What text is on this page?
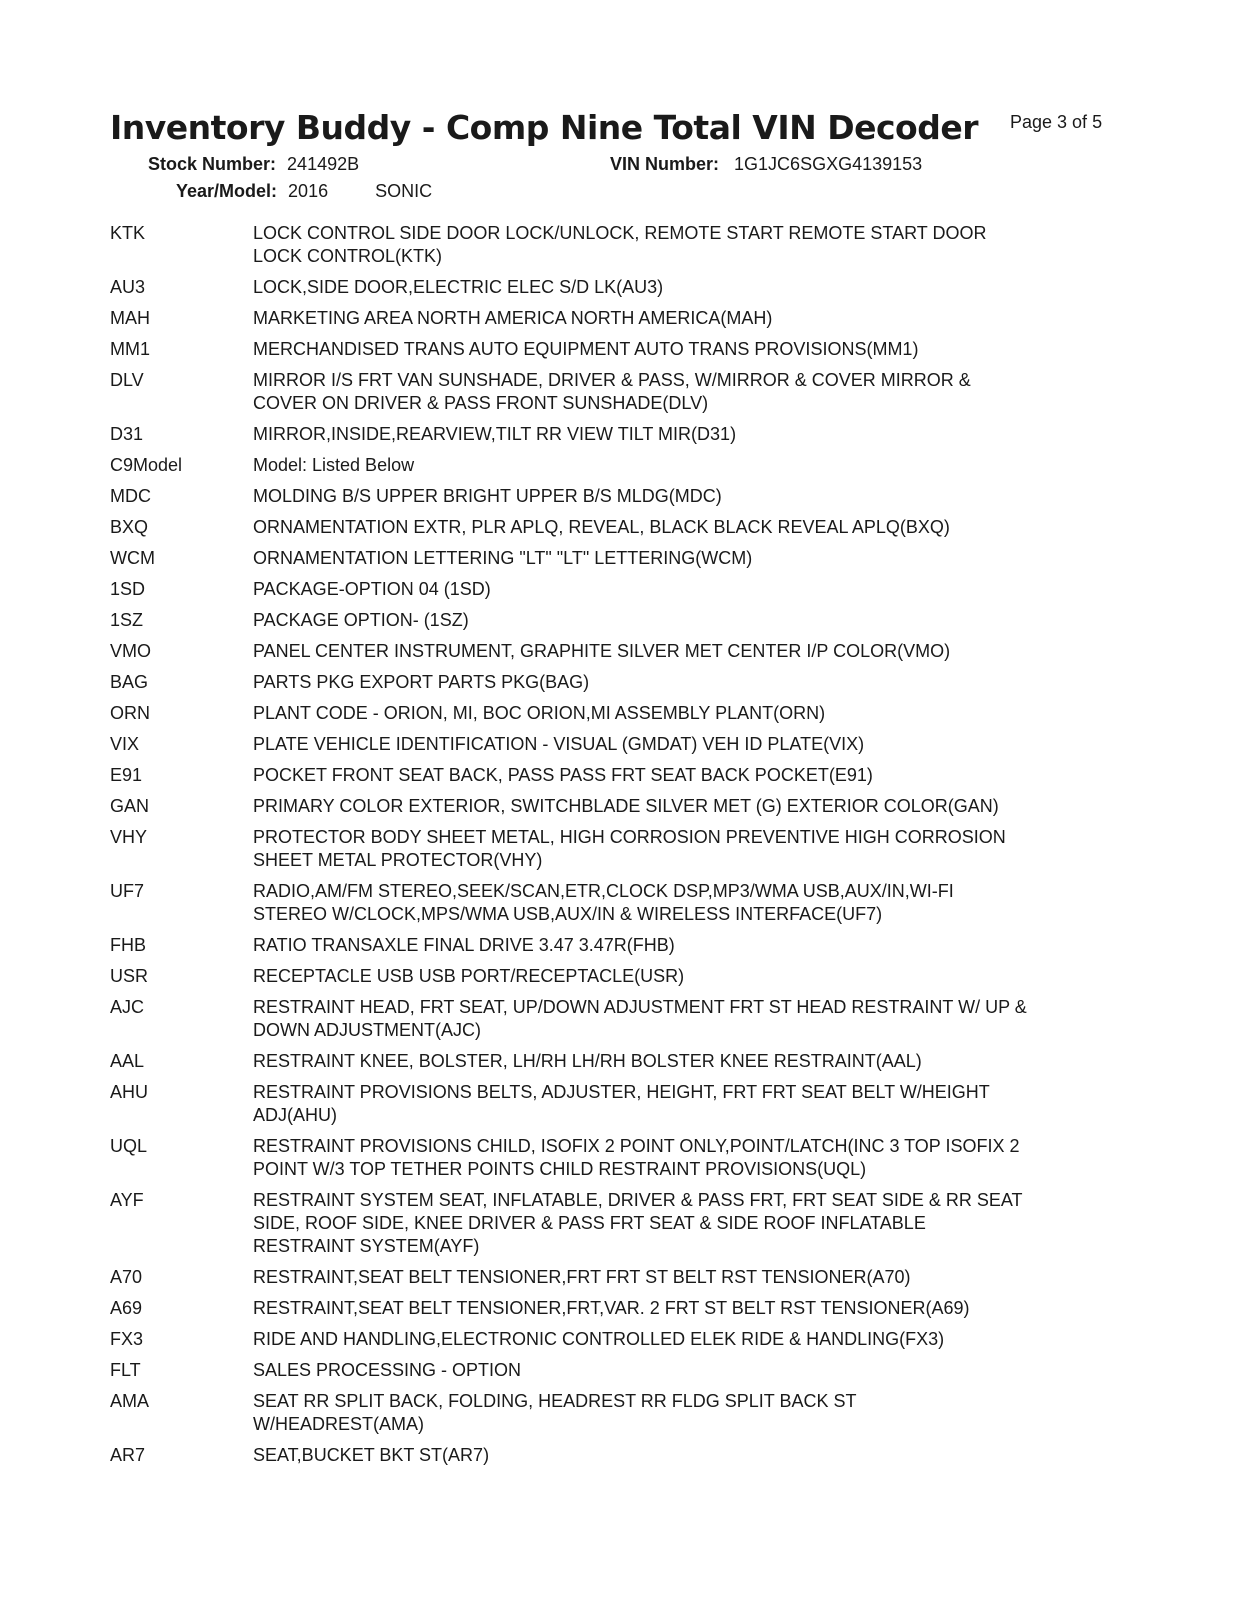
Inventory Buddy - Comp Nine Total VIN Decoder Page 3 of 5
Stock Number: 241492B	VIN Number: 1G1JC6SGXG4139153
Year/Model: 2016	SONIC
KTK	LOCK CONTROL SIDE DOOR LOCK/UNLOCK, REMOTE START REMOTE START DOOR
LOCK CONTROL(KTK)
AU3	LOCK,SIDE DOOR,ELECTRIC ELEC S/D LK(AU3)
MAH	MARKETING AREA NORTH AMERICA NORTH AMERICA(MAH)
MM1	MERCHANDISED TRANS AUTO EQUIPMENT AUTO TRANS PROVISIONS(MM1)
DLV	MIRROR I/S FRT VAN SUNSHADE, DRIVER & PASS, W/MIRROR & COVER MIRROR &
COVER ON DRIVER & PASS FRONT SUNSHADE(DLV)
D31	MIRROR,INSIDE,REARVIEW,TILT RR VIEW TILT MIR(D31)
C9Model	Model: Listed Below
MDC	MOLDING B/S UPPER BRIGHT UPPER B/S MLDG(MDC)
BXQ	ORNAMENTATION EXTR, PLR APLQ, REVEAL, BLACK BLACK REVEAL APLQ(BXQ)
WCM	ORNAMENTATION LETTERING "LT" "LT" LETTERING(WCM)
1SD	PACKAGE-OPTION 04 (1SD)
1SZ	PACKAGE OPTION- (1SZ)
VMO	PANEL CENTER INSTRUMENT, GRAPHITE SILVER MET CENTER I/P COLOR(VMO)
BAG	PARTS PKG EXPORT PARTS PKG(BAG)
ORN	PLANT CODE - ORION, MI, BOC ORION,MI ASSEMBLY PLANT(ORN)
VIX	PLATE VEHICLE IDENTIFICATION - VISUAL (GMDAT) VEH ID PLATE(VIX)
E91	POCKET FRONT SEAT BACK, PASS PASS FRT SEAT BACK POCKET(E91)
GAN	PRIMARY COLOR EXTERIOR, SWITCHBLADE SILVER MET (G) EXTERIOR COLOR(GAN)
VHY	PROTECTOR BODY SHEET METAL, HIGH CORROSION PREVENTIVE HIGH CORROSION
SHEET METAL PROTECTOR(VHY)
UF7	RADIO,AM/FM STEREO,SEEK/SCAN,ETR,CLOCK DSP,MP3/WMA USB,AUX/IN,WI-FI
STEREO W/CLOCK,MPS/WMA USB,AUX/IN & WIRELESS INTERFACE(UF7)
FHB	RATIO TRANSAXLE FINAL DRIVE 3.47 3.47R(FHB)
USR	RECEPTACLE USB USB PORT/RECEPTACLE(USR)
AJC	RESTRAINT HEAD, FRT SEAT, UP/DOWN ADJUSTMENT FRT ST HEAD RESTRAINT W/ UP &
DOWN ADJUSTMENT(AJC)
AAL	RESTRAINT KNEE, BOLSTER, LH/RH LH/RH BOLSTER KNEE RESTRAINT(AAL)
AHU	RESTRAINT PROVISIONS BELTS, ADJUSTER, HEIGHT, FRT FRT SEAT BELT W/HEIGHT
ADJ(AHU)
UQL	RESTRAINT PROVISIONS CHILD, ISOFIX 2 POINT ONLY,POINT/LATCH(INC 3 TOP ISOFIX 2
POINT W/3 TOP TETHER POINTS CHILD RESTRAINT PROVISIONS(UQL)
AYF	RESTRAINT SYSTEM SEAT, INFLATABLE, DRIVER & PASS FRT, FRT SEAT SIDE & RR SEAT
SIDE, ROOF SIDE, KNEE DRIVER & PASS FRT SEAT & SIDE ROOF INFLATABLE
RESTRAINT SYSTEM(AYF)
A70	RESTRAINT,SEAT BELT TENSIONER,FRT FRT ST BELT RST TENSIONER(A70)
A69	RESTRAINT,SEAT BELT TENSIONER,FRT,VAR. 2 FRT ST BELT RST TENSIONER(A69)
FX3	RIDE AND HANDLING,ELECTRONIC CONTROLLED ELEK RIDE & HANDLING(FX3)
FLT	SALES PROCESSING - OPTION
AMA	SEAT RR SPLIT BACK, FOLDING, HEADREST RR FLDG SPLIT BACK ST
W/HEADREST(AMA)
AR7	SEAT,BUCKET BKT ST(AR7)
